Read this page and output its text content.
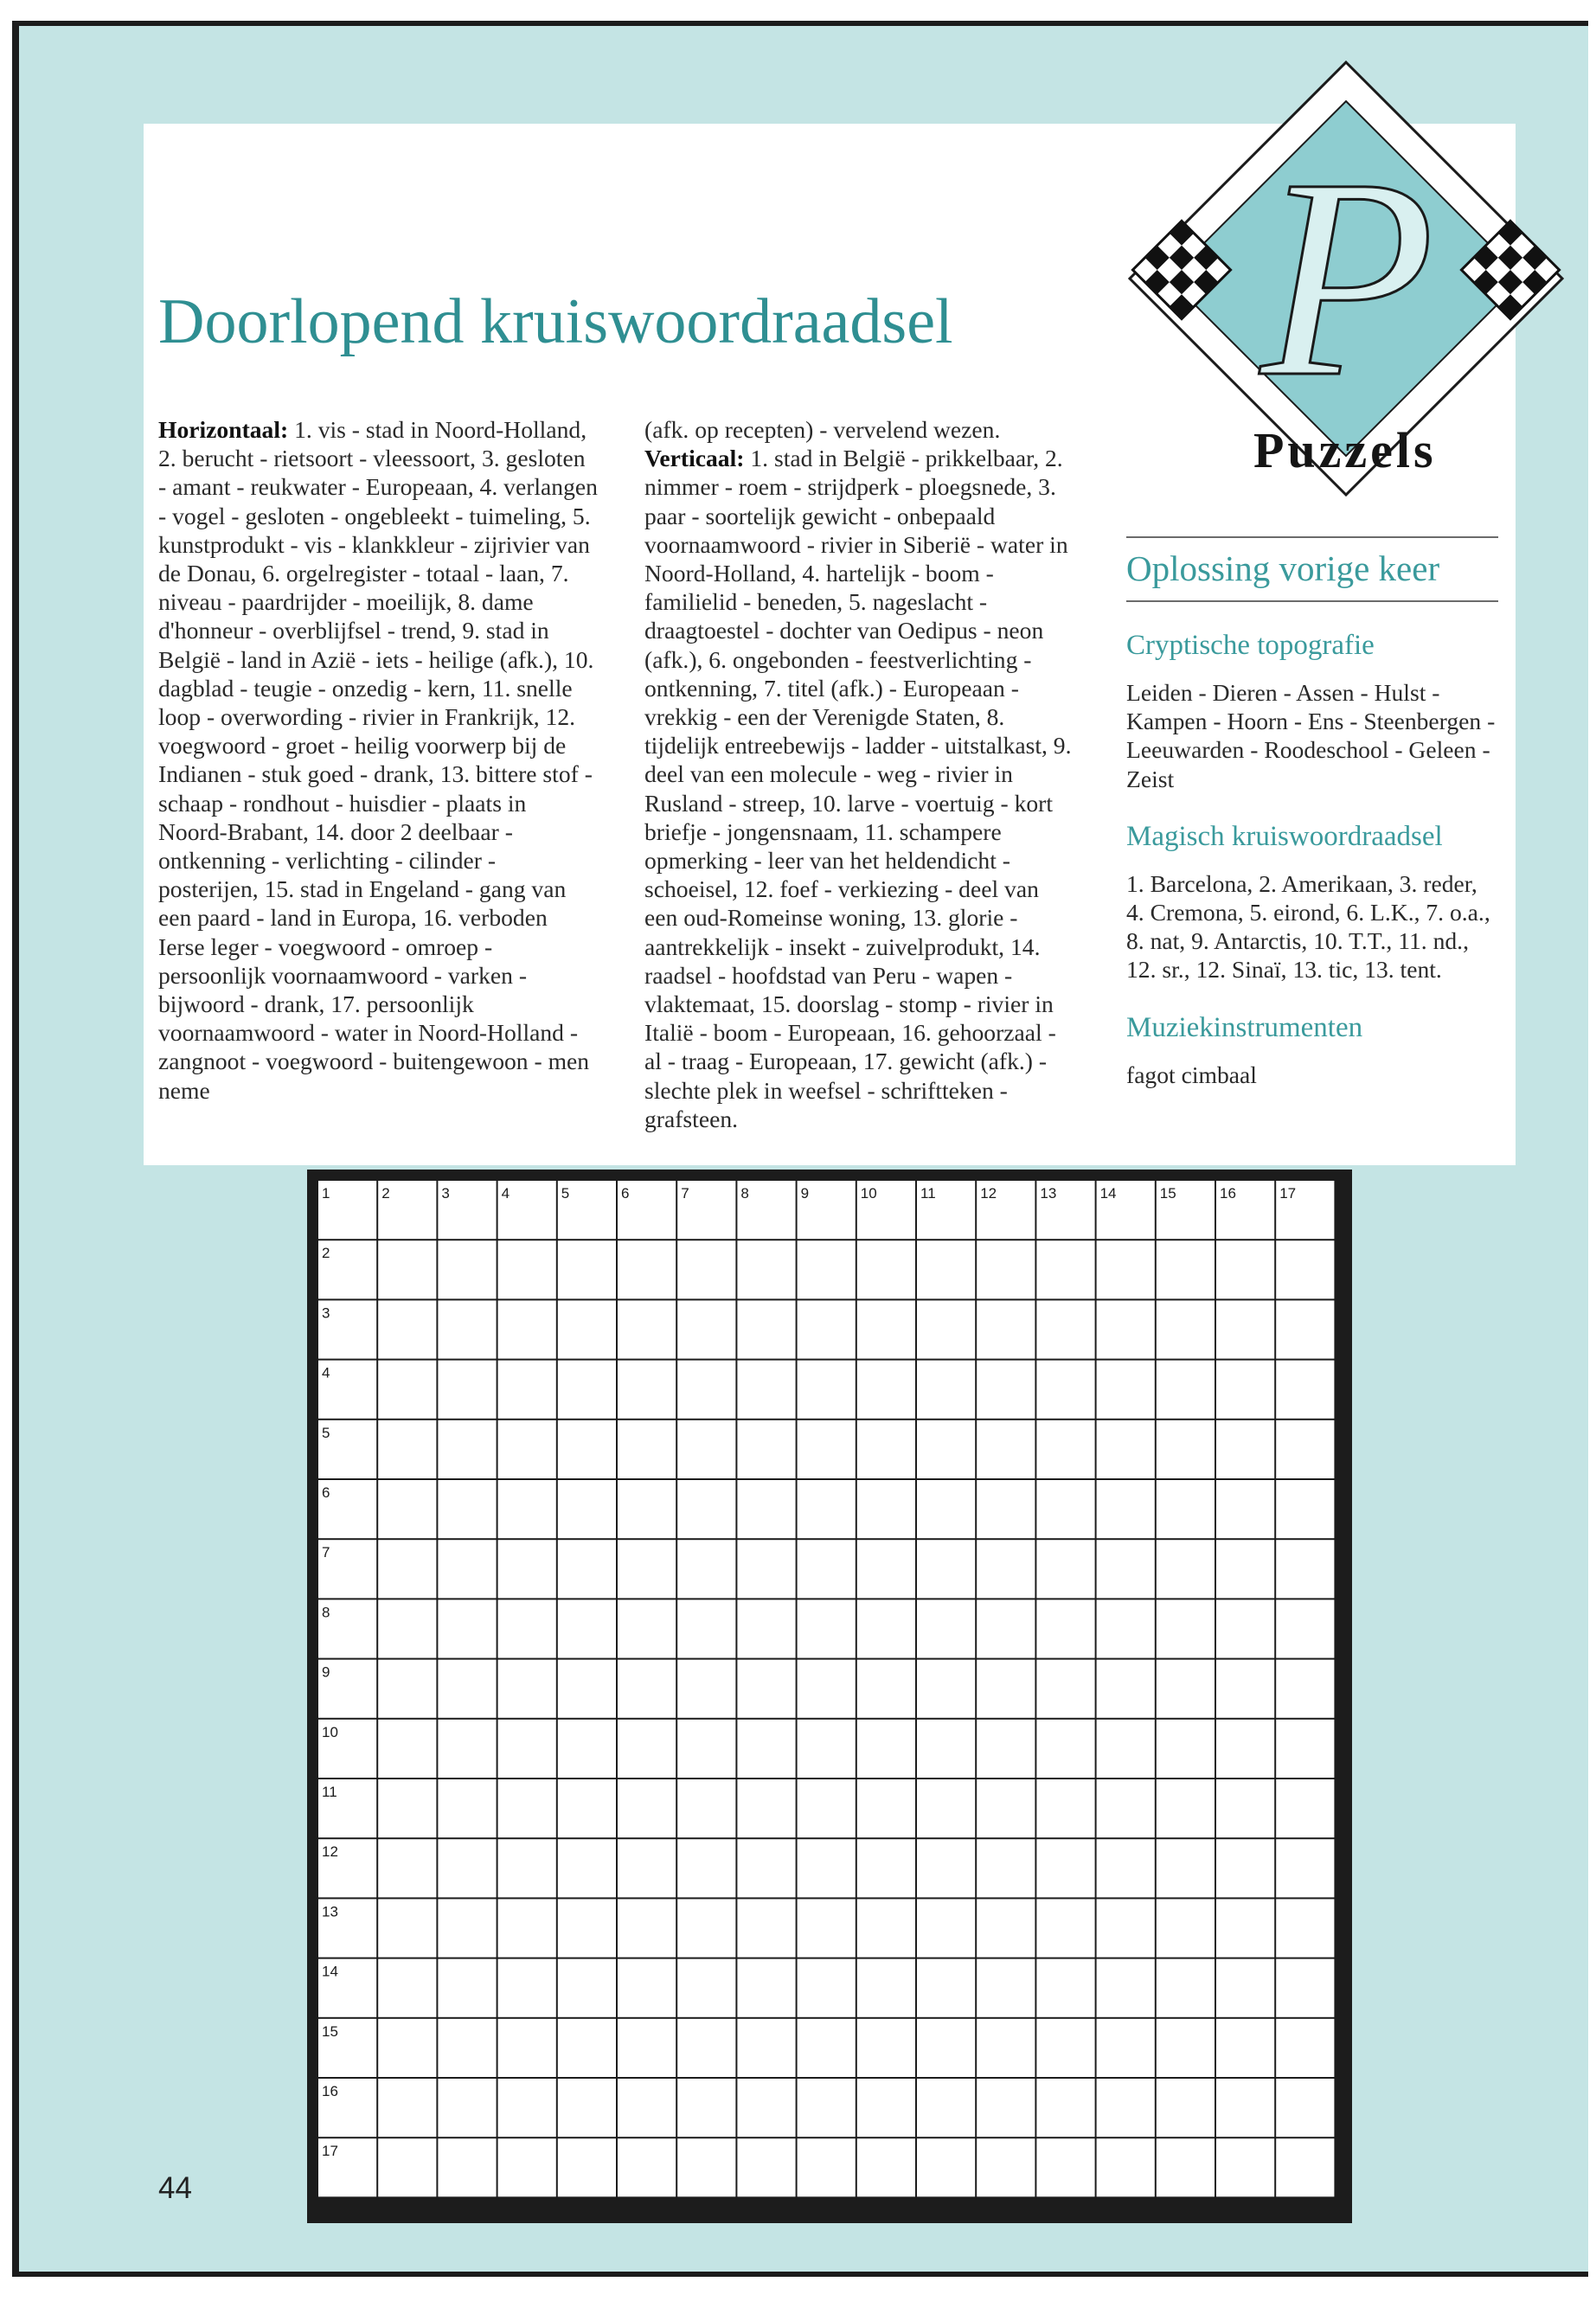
Doorlopend kruiswoordraadsel
Horizontaal: 1. vis - stad in Noord-Holland, 2. berucht - rietsoort - vleessoort, 3. gesloten - amant - reukwater - Europeaan, 4. verlangen - vogel - gesloten - ongebleekt - tuimeling, 5. kunstprodukt - vis - klankkleur - zijrivier van de Donau, 6. orgelregister - totaal - laan, 7. niveau - paardrijder - moeilijk, 8. dame d'honneur - overblijfsel - trend, 9. stad in België - land in Azië - iets - heilige (afk.), 10. dagblad - teugie - onzedig - kern, 11. snelle loop - overwording - rivier in Frankrijk, 12. voegwoord - groet - heilig voorwerp bij de Indianen - stuk goed - drank, 13. bittere stof - schaap - rondhout - huisdier - plaats in Noord-Brabant, 14. door 2 deelbaar - ontkenning - verlichting - cilinder - posterijen, 15. stad in Engeland - gang van een paard - land in Europa, 16. verboden Ierse leger - voegwoord - omroep - persoonlijk voornaamwoord - varken - bijwoord - drank, 17. persoonlijk voornaamwoord - water in Noord-Holland - zangnoot - voegwoord - buitengewoon - men neme
(afk. op recepten) - vervelend wezen. Verticaal: 1. stad in België - prikkelbaar, 2. nimmer - roem - strijdperk - ploegsnede, 3. paar - soortelijk gewicht - onbepaald voornaamwoord - rivier in Siberië - water in Noord-Holland, 4. hartelijk - boom - familielid - beneden, 5. nageslacht - draagtoestel - dochter van Oedipus - neon (afk.), 6. ongebonden - feestverlichting - ontkenning, 7. titel (afk.) - Europeaan - vrekkig - een der Verenigde Staten, 8. tijdelijk entreebewijs - ladder - uitstalkast, 9. deel van een molecule - weg - rivier in Rusland - streep, 10. larve - voertuig - kort briefje - jongensnaam, 11. schampere opmerking - leer van het heldendicht - schoeisel, 12. foef - verkiezing - deel van een oud-Romeinse woning, 13. glorie - aantrekkelijk - insekt - zuivelprodukt, 14. raadsel - hoofdstad van Peru - wapen - vlaktemaat, 15. doorslag - stomp - rivier in Italië - boom - Europeaan, 16. gehoorzaal - al - traag - Europeaan, 17. gewicht (afk.) - slechte plek in weefsel - schriftteken - grafsteen.
Oplossing vorige keer
Cryptische topografie

Leiden - Dieren - Assen - Hulst - Kampen - Hoorn - Ens - Steenbergen - Leeuwarden - Roodeschool - Geleen - Zeist

Magisch kruiswoordraadsel

1. Barcelona, 2. Amerikaan, 3. reder, 4. Cremona, 5. eirond, 6. L.K., 7. o.a., 8. nat, 9. Antarctis, 10. T.T., 11. nd., 12. sr., 12. Sinaï, 13. tic, 13. tent.

Muziekinstrumenten

fagot cimbaal

P
Puzzels
1	2	3	4	5	6	7	8	9	10	11	12	13	14	15	16	17
2
3
4
5
6
7
8
9
10
11
12
13
14
15
16
17
44
